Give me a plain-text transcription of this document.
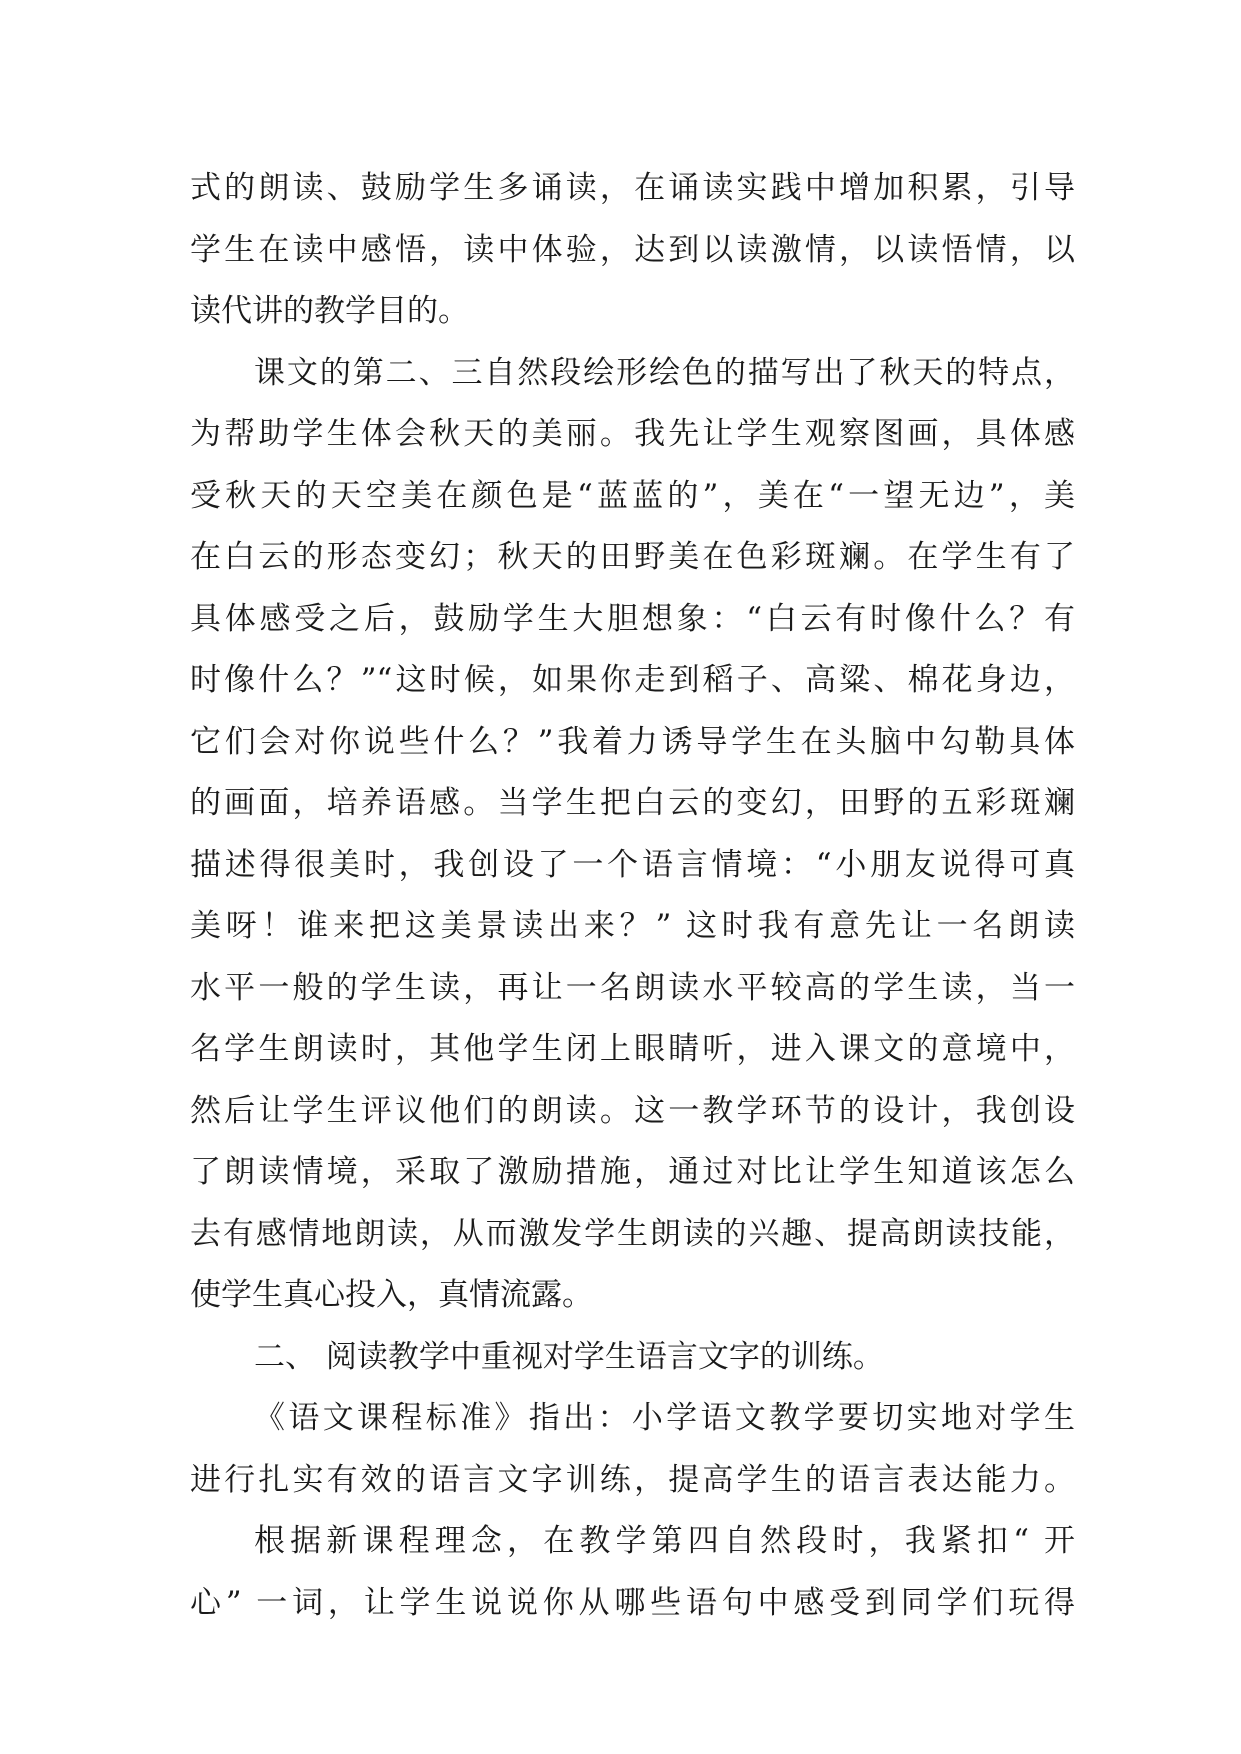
式的朗读、鼓励学生多诵读，在诵读实践中增加积累，引导
学生在读中感悟，读中体验，达到以读激情，以读悟情，以
读代讲的教学目的。
课文的第二、三自然段绘形绘色的描写出了秋天的特点，
为帮助学生体会秋天的美丽。我先让学生观察图画，具体感
受秋天的天空美在颜色是“蓝蓝的”，美在“一望无边”，美
在白云的形态变幻；秋天的田野美在色彩斑斓。在学生有了
具体感受之后，鼓励学生大胆想象：“白云有时像什么？有
时像什么？”“这时候，如果你走到稻子、高粱、棉花身边，
它们会对你说些什么？”我着力诱导学生在头脑中勾勒具体
的画面，培养语感。当学生把白云的变幻，田野的五彩斑斓
描述得很美时，我创设了一个语言情境：“小朋友说得可真
美呀！谁来把这美景读出来？” 这时我有意先让一名朗读
水平一般的学生读，再让一名朗读水平较高的学生读，当一
名学生朗读时，其他学生闭上眼睛听，进入课文的意境中，
然后让学生评议他们的朗读。这一教学环节的设计，我创设
了朗读情境，采取了激励措施，通过对比让学生知道该怎么
去有感情地朗读，从而激发学生朗读的兴趣、提高朗读技能，
使学生真心投入，真情流露。
二、 阅读教学中重视对学生语言文字的训练。
《语文课程标准》指出：小学语文教学要切实地对学生
进行扎实有效的语言文字训练，提高学生的语言表达能力。
根据新课程理念，在教学第四自然段时，我紧扣“ 开
心” 一词，让学生说说你从哪些语句中感受到同学们玩得
